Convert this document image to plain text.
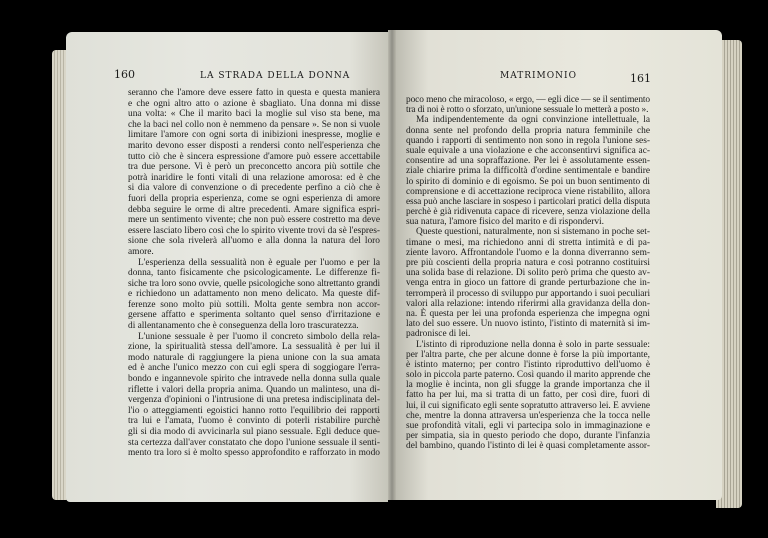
160	LA STRADA DELLA DONNA	MATRIMONIO	161
seranno che l'amore deve essere fatto in questa e questa maniera
e che ogni altro atto o azione è sbagliato. Una donna mi disse
una volta: « Che il marito baci la moglie sul viso sta bene, ma
che la baci nel collo non è nemmeno da pensare ». Se non si vuole
limitare l'amore con ogni sorta di inibizioni inespresse, moglie e
marito devono esser disposti a rendersi conto nell'esperienza che
tutto ciò che è sincera espressione d'amore può essere accettabile
tra due persone. Vi è però un preconcetto ancora più sottile che
potrà inaridire le fonti vitali di una relazione amorosa: ed è che
si dia valore di convenzione o di precedente perfino a ciò che è
fuori della propria esperienza, come se ogni esperienza di amore
debba seguire le orme di altre precedenti. Amare significa espri-
mere un sentimento vivente; che non può essere costretto ma deve
essere lasciato libero così che lo spirito vivente trovi da sè l'espres-
sione che sola rivelerà all'uomo e alla donna la natura del loro
amore.
L'esperienza della sessualità non è eguale per l'uomo e per la
donna, tanto fisicamente che psicologicamente. Le differenze fi-
siche tra loro sono ovvie, quelle psicologiche sono altrettanto grandi
e richiedono un adattamento non meno delicato. Ma queste dif-
ferenze sono molto più sottili. Molta gente sembra non accor-
gersene affatto e sperimenta soltanto quel senso d'irritazione e
di allentanamento che è conseguenza della loro trascuratezza.
L'unione sessuale è per l'uomo il concreto simbolo della rela-
zione, la spiritualità stessa dell'amore. La sessualità è per lui il
modo naturale di raggiungere la piena unione con la sua amata
ed è anche l'unico mezzo con cui egli spera di soggiogare l'erra-
bondo e ingannevole spirito che intravede nella donna sulla quale
riflette i valori della propria anima. Quando un malinteso, una di-
vergenza d'opinioni o l'intrusione di una pretesa indisciplinata del-
l'io o atteggiamenti egoistici hanno rotto l'equilibrio dei rapporti
tra lui e l'amata, l'uomo è convinto di poterli ristabilire purchè
gli si dia modo di avvicinarla sul piano sessuale. Egli deduce que-
sta certezza dall'aver constatato che dopo l'unione sessuale il senti-
mento tra loro si è molto spesso approfondito e rafforzato in modo
poco meno che miracoloso, « ergo, — egli dice — se il sentimento
tra di noi è rotto o sforzato, un'unione sessuale lo metterà a posto ».
Ma indipendentemente da ogni convinzione intellettuale, la
donna sente nel profondo della propria natura femminile che
quando i rapporti di sentimento non sono in regola l'unione ses-
suale equivale a una violazione e che acconsentirvi significa ac-
consentire ad una sopraffazione. Per lei è assolutamente essen-
ziale chiarire prima la difficoltà d'ordine sentimentale e bandire
lo spirito di dominio e di egoismo. Se poi un buon sentimento di
comprensione e di accettazione reciproca viene ristabilito, allora
essa può anche lasciare in sospeso i particolari pratici della disputa
perchè è già ridivenuta capace di ricevere, senza violazione della
sua natura, l'amore fisico del marito e di rispondervi.
Queste questioni, naturalmente, non si sistemano in poche set-
timane o mesi, ma richiedono anni di stretta intimità e di pa-
ziente lavoro. Affrontandole l'uomo e la donna diverranno sem-
pre più coscienti della propria natura e così potranno costituirsi
una solida base di relazione. Di solito però prima che questo av-
venga entra in gioco un fattore di grande perturbazione che in-
terromperà il processo di sviluppo pur apportando i suoi peculiari
valori alla relazione: intendo riferirmi alla gravidanza della don-
na. È questa per lei una profonda esperienza che impegna ogni
lato del suo essere. Un nuovo istinto, l'istinto di maternità si im-
padronisce di lei.
L'istinto di riproduzione nella donna è solo in parte sessuale:
per l'altra parte, che per alcune donne è forse la più importante,
è istinto materno; per contro l'istinto riproduttivo dell'uomo è
solo in piccola parte paterno. Così quando il marito apprende che
la moglie è incinta, non gli sfugge la grande importanza che il
fatto ha per lui, ma si tratta di un fatto, per così dire, fuori di
lui, il cui significato egli sente sopratutto attraverso lei. E avviene
che, mentre la donna attraversa un'esperienza che la tocca nelle
sue profondità vitali, egli vi partecipa solo in immaginazione e
per simpatia, sia in questo periodo che dopo, durante l'infanzia
del bambino, quando l'istinto di lei è quasi completamente assor-
